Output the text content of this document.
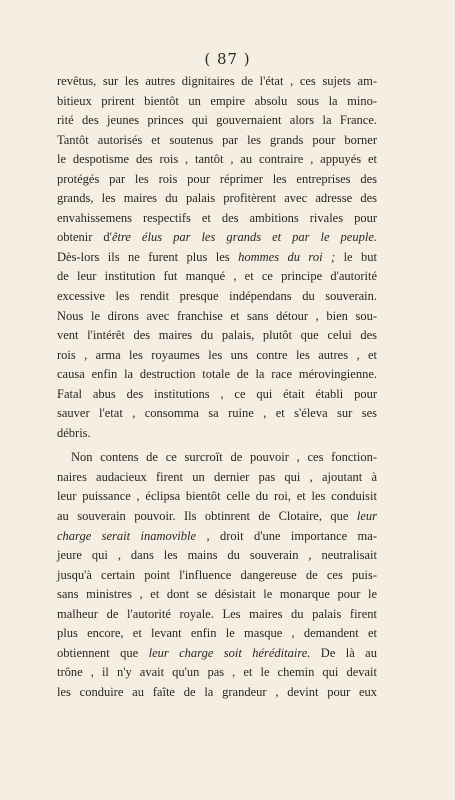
( 87 )
revêtus, sur les autres dignitaires de l'état , ces sujets am-
bitieux prirent bientôt un empire absolu sous la mino-
rité des jeunes princes qui gouvernaient alors la France.
Tantôt autorisés et soutenus par les grands pour borner
le despotisme des rois , tantôt , au contraire , appuyés et
protégés par les rois pour réprimer les entreprises des
grands, les maires du palais profitèrent avec adresse des
envahissemens respectifs et des ambitions rivales pour
obtenir d'être élus par les grands et par le peuple.
Dès-lors ils ne furent plus les hommes du roi ; le but
de leur institution fut manqué , et ce principe d'autorité
excessive les rendit presque indépendans du souverain.
Nous le dirons avec franchise et sans détour , bien sou-
vent l'intérêt des maires du palais, plutôt que celui des
rois , arma les royaumes les uns contre les autres , et
causa enfin la destruction totale de la race mérovingienne.
Fatal abus des institutions , ce qui était établi pour
sauver l'etat , consomma sa ruine , et s'éleva sur ses
débris.
Non contens de ce surcroît de pouvoir , ces fonction-
naires audacieux firent un dernier pas qui , ajoutant à
leur puissance , éclipsa bientôt celle du roi, et les conduisit
au souverain pouvoir. Ils obtinrent de Clotaire, que leur
charge serait inamovible , droit d'une importance ma-
jeure qui , dans les mains du souverain , neutralisait
jusqu'à certain point l'influence dangereuse de ces puis-
sans ministres , et dont se désistait le monarque pour le
malheur de l'autorité royale. Les maires du palais firent
plus encore, et levant enfin le masque , demandent et
obtiennent que leur charge soit héréditaire. De là au
trône , il n'y avait qu'un pas , et le chemin qui devait
les conduire au faîte de la grandeur , devint pour eux
